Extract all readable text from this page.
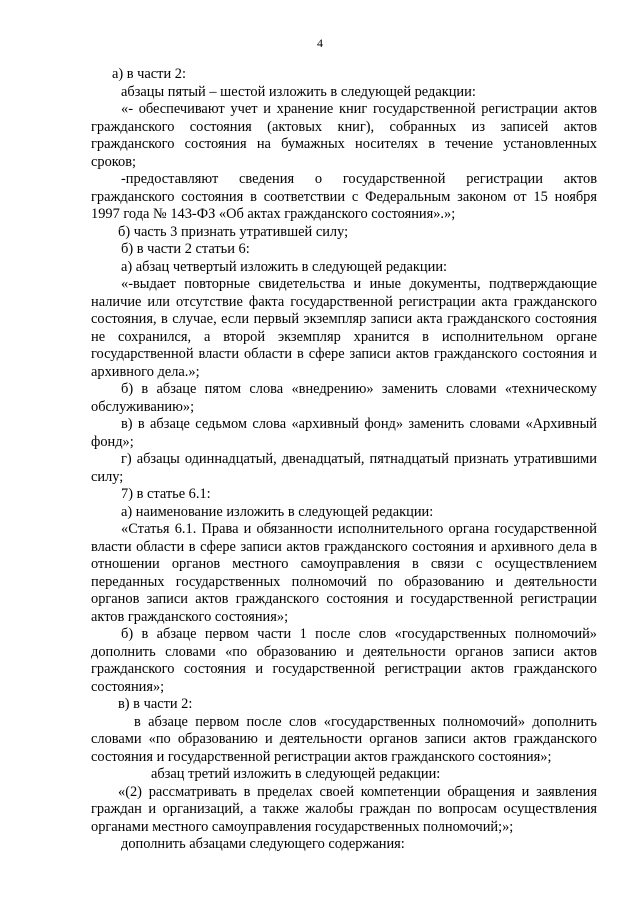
4

а) в части 2:

абзацы пятый – шестой изложить в следующей редакции:

«- обеспечивают учет и хранение книг государственной регистрации актов гражданского состояния (актовых книг), собранных из записей актов гражданского состояния на бумажных носителях в течение установленных сроков;

-предоставляют сведения о государственной регистрации актов гражданского состояния в соответствии с Федеральным законом от 15 ноября 1997 года № 143-ФЗ «Об актах гражданского состояния».»;

б) часть 3 признать утратившей силу;

б) в части 2 статьи 6:

а) абзац четвертый изложить в следующей редакции:

«-выдает повторные свидетельства и иные документы, подтверждающие наличие или отсутствие факта государственной регистрации акта гражданского состояния, в случае, если первый экземпляр записи акта гражданского состояния не сохранился, а второй экземпляр хранится в исполнительном органе государственной власти области в сфере записи актов гражданского состояния и архивного дела.»;

б) в абзаце пятом слова «внедрению» заменить словами «техническому обслуживанию»;

в) в абзаце седьмом слова «архивный фонд» заменить словами «Архивный фонд»;

г) абзацы одиннадцатый, двенадцатый, пятнадцатый признать утратившими силу;

7) в статье 6.1:

а) наименование изложить в следующей редакции:

«Статья 6.1. Права и обязанности исполнительного органа государственной власти области в сфере записи актов гражданского состояния и архивного дела в отношении органов местного самоуправления в связи с осуществлением переданных государственных полномочий по образованию и деятельности органов записи актов гражданского состояния и государственной регистрации актов гражданского состояния»;

б) в абзаце первом части 1 после слов «государственных полномочий» дополнить словами «по образованию и деятельности органов записи актов гражданского состояния и государственной регистрации актов гражданского состояния»;

в) в части 2:

в абзаце первом после слов «государственных полномочий» дополнить словами «по образованию и деятельности органов записи актов гражданского состояния и государственной регистрации актов гражданского состояния»;

абзац третий изложить в следующей редакции:

«(2) рассматривать в пределах своей компетенции обращения и заявления граждан и организаций, а также жалобы граждан по вопросам осуществления органами местного самоуправления государственных полномочий;»;

дополнить абзацами следующего содержания:
